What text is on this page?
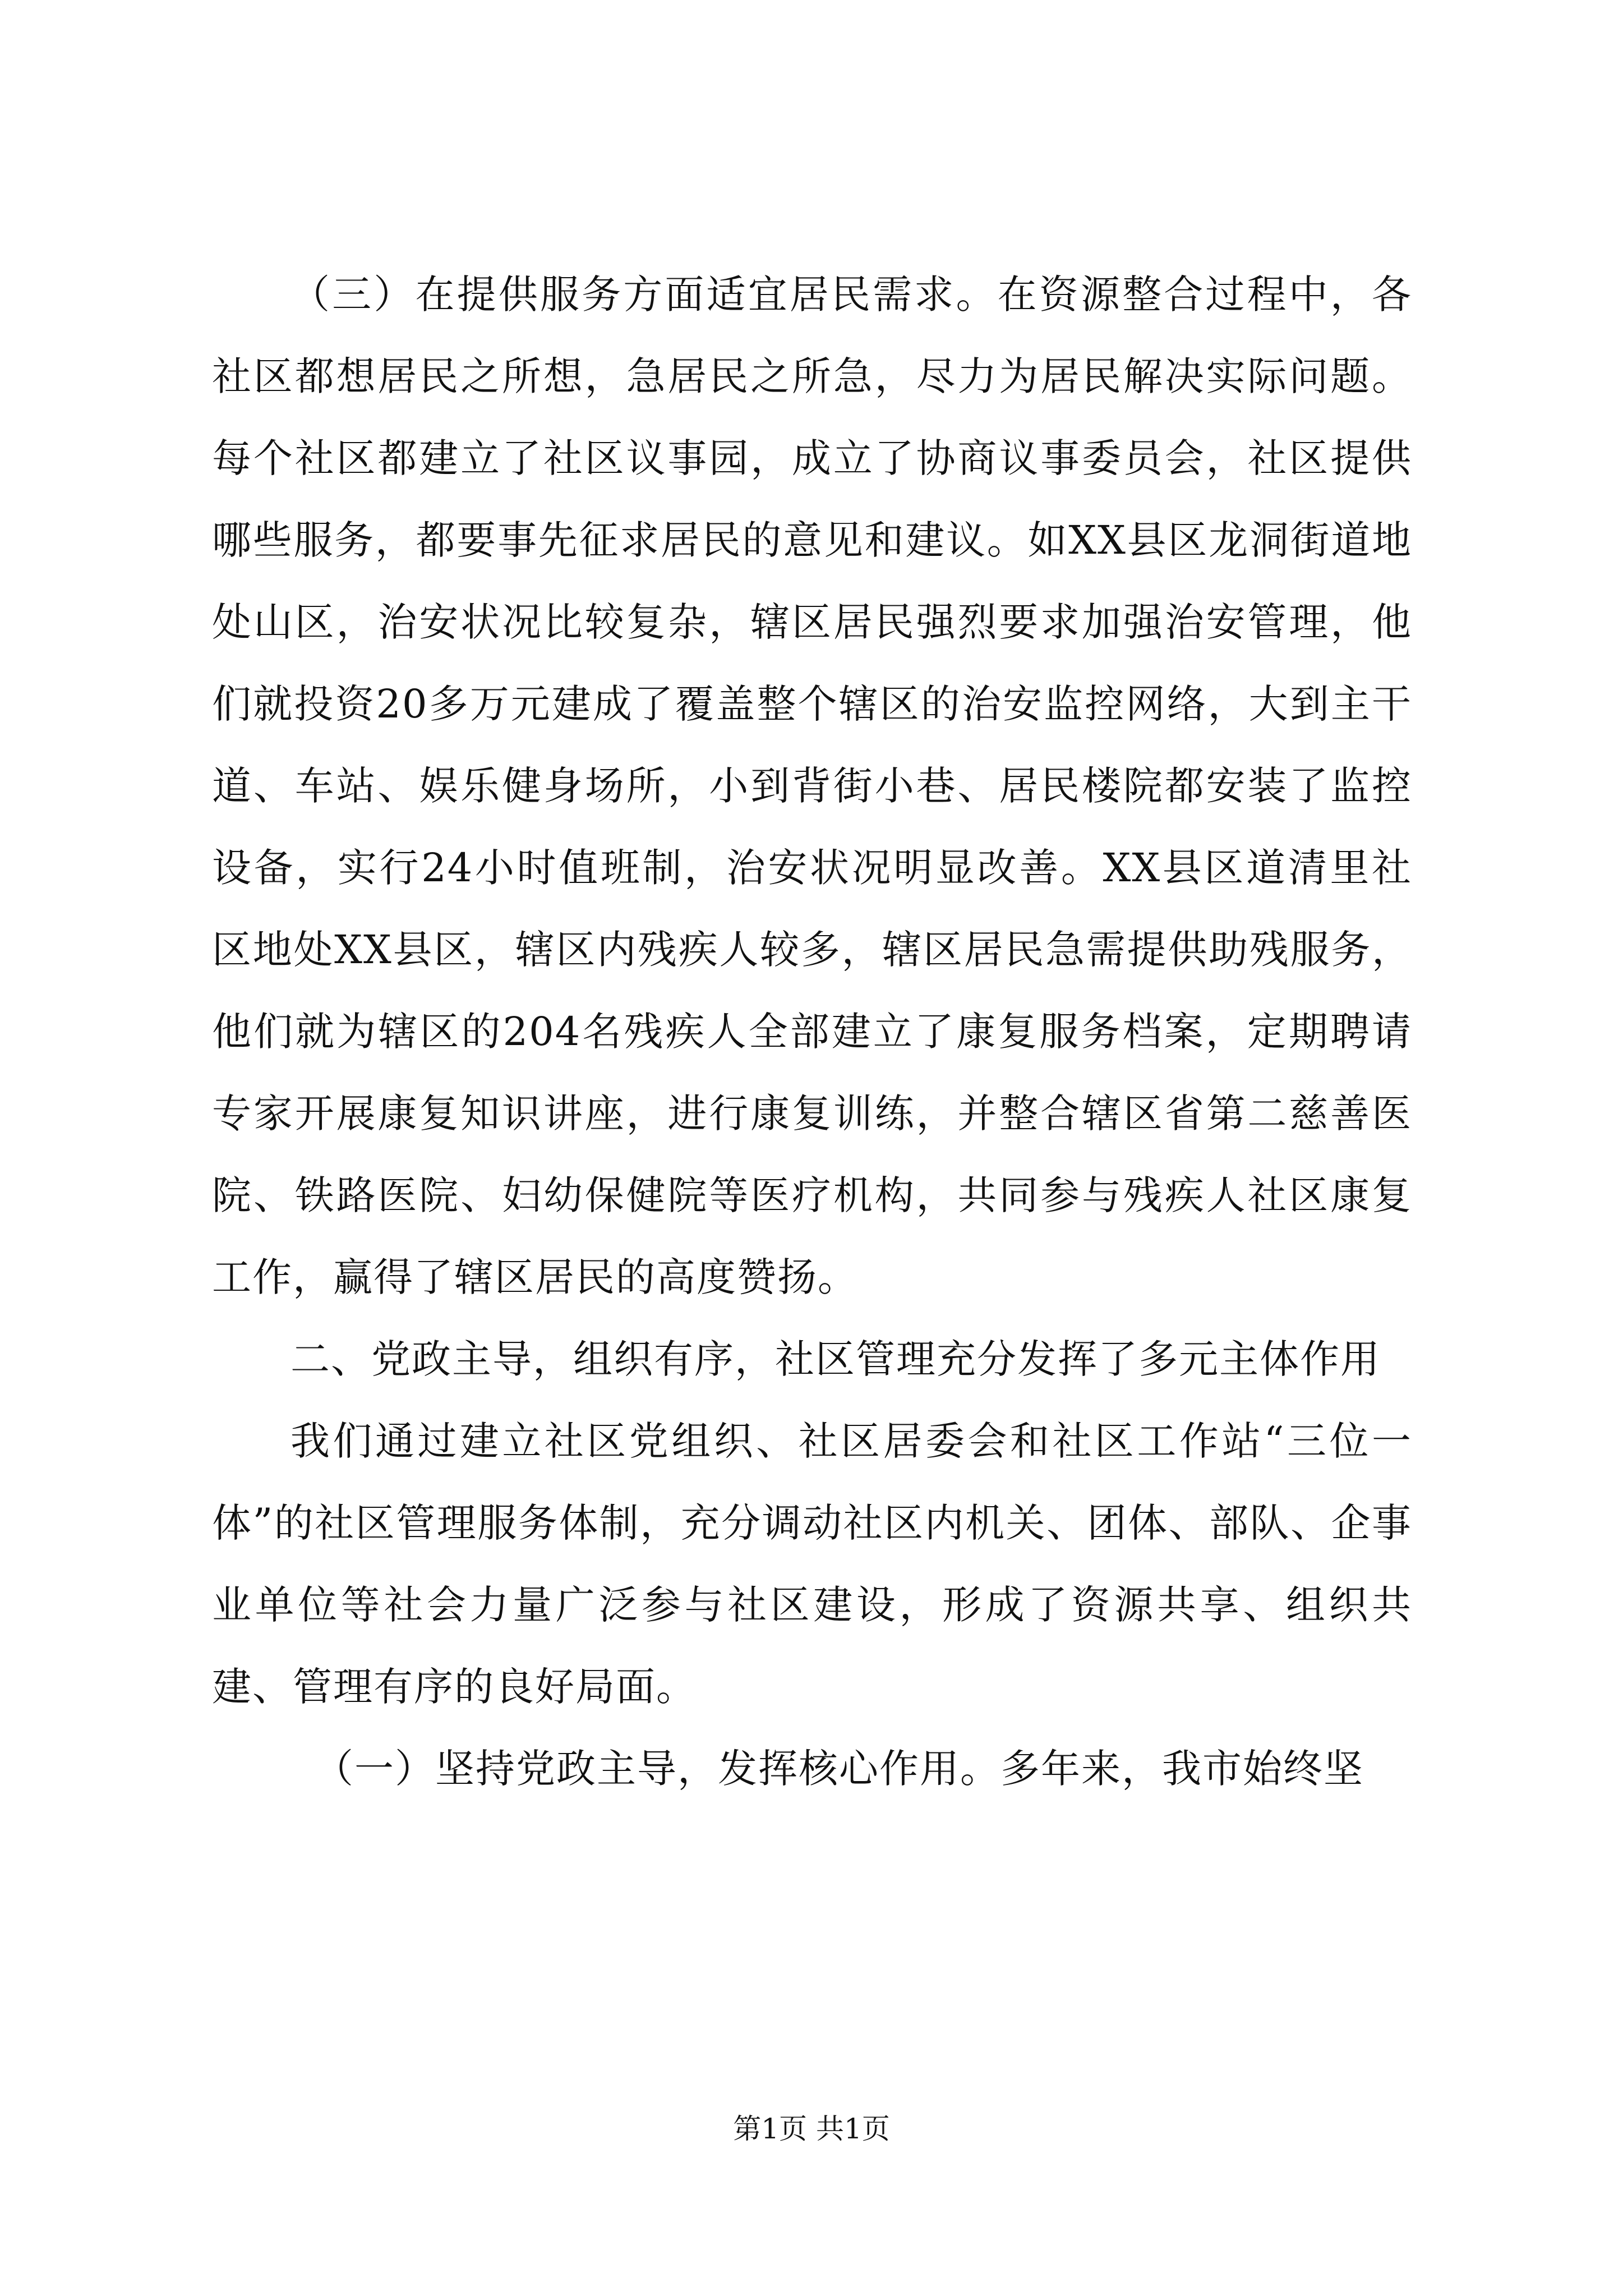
（三）在提供服务方面适宜居民需求。在资源整合过程中，各社区都想居民之所想，急居民之所急，尽力为居民解决实际问题。每个社区都建立了社区议事园，成立了协商议事委员会，社区提供哪些服务，都要事先征求居民的意见和建议。如XX县区龙洞街道地处山区，治安状况比较复杂，辖区居民强烈要求加强治安管理，他们就投资20多万元建成了覆盖整个辖区的治安监控网络，大到主干道、车站、娱乐健身场所，小到背街小巷、居民楼院都安装了监控设备，实行24小时值班制，治安状况明显改善。XX县区道清里社区地处XX县区，辖区内残疾人较多，辖区居民急需提供助残服务，他们就为辖区的204名残疾人全部建立了康复服务档案，定期聘请专家开展康复知识讲座，进行康复训练，并整合辖区省第二慈善医院、铁路医院、妇幼保健院等医疗机构，共同参与残疾人社区康复工作，赢得了辖区居民的高度赞扬。

二、党政主导，组织有序，社区管理充分发挥了多元主体作用

我们通过建立社区党组织、社区居委会和社区工作站“三位一体”的社区管理服务体制，充分调动社区内机关、团体、部队、企事业单位等社会力量广泛参与社区建设，形成了资源共享、组织共建、管理有序的良好局面。

（一）坚持党政主导，发挥核心作用。多年来，我市始终坚

第1页 共1页
